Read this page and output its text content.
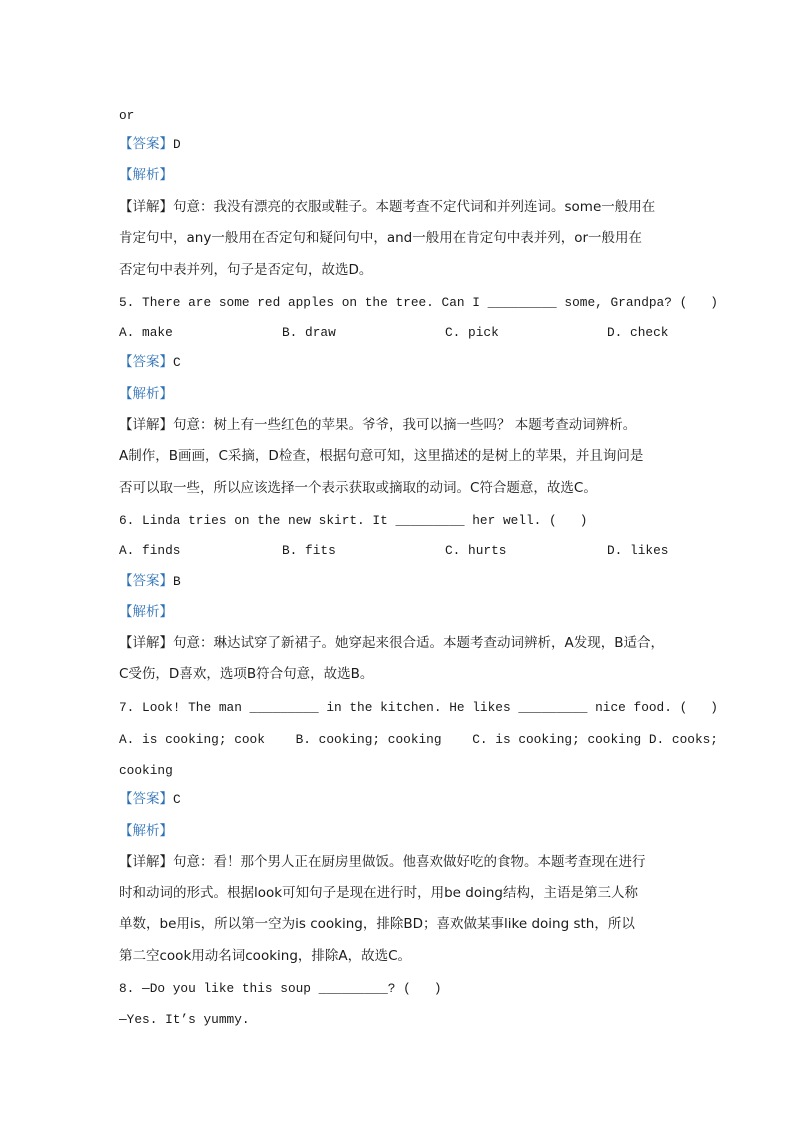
or
【答案】D
【解析】
【详解】句意：我没有漂亮的衣服或鞋子。本题考查不定代词和并列连词。some一般用在
肯定句中，any一般用在否定句和疑问句中，and一般用在肯定句中表并列，or一般用在
否定句中表并列，句子是否定句，故选D。
5. There are some red apples on the tree. Can I _________ some, Grandpa? (   )

A. make

	B. draw

	C. pick

	D. check

【答案】C
【解析】
【详解】句意：树上有一些红色的苹果。爷爷，我可以摘一些吗？ 本题考查动词辨析。
A制作，B画画，C采摘，D检查，根据句意可知，这里描述的是树上的苹果，并且询问是
否可以取一些，所以应该选择一个表示获取或摘取的动词。C符合题意，故选C。
6. Linda tries on the new skirt. It _________ her well. (   )

A. finds

	B. fits

	C. hurts

	D. likes

【答案】B
【解析】
【详解】句意：琳达试穿了新裙子。她穿起来很合适。本题考查动词辨析，A发现，B适合，
C受伤，D喜欢，选项B符合句意，故选B。
7. Look! The man _________ in the kitchen. He likes _________ nice food. (   )
A. is cooking; cook    B. cooking; cooking    C. is cooking; cooking D. cooks;
cooking
【答案】C
【解析】
【详解】句意：看！那个男人正在厨房里做饭。他喜欢做好吃的食物。本题考查现在进行
时和动词的形式。根据look可知句子是现在进行时，用be doing结构，主语是第三人称
单数，be用is，所以第一空为is cooking，排除BD；喜欢做某事like doing sth，所以
第二空cook用动名词cooking，排除A，故选C。
8. —Do you like this soup _________? (   )
—Yes. It’s yummy.
